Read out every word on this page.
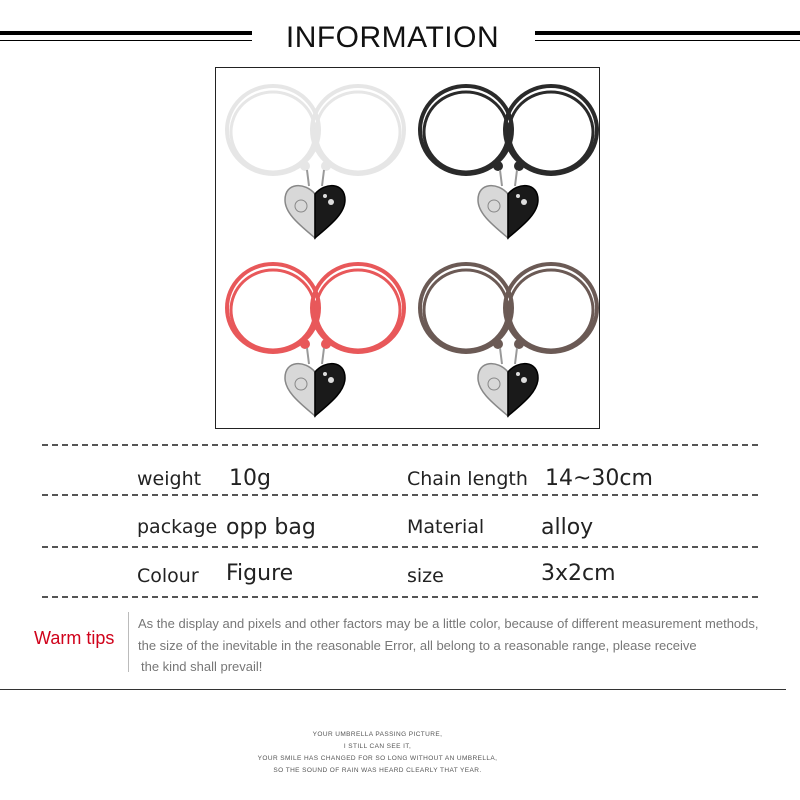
INFORMATION
weight 10g	Chain length 14~30cm
package opp bag	Material	alloy
Colour Figure	size	3x2cm
Warm tips
As the display and pixels and other factors may be a little color, because of different measurement methods,
the size of the inevitable in the reasonable Error, all belong to a reasonable range, please receive
the kind shall prevail!
YOUR UMBRELLA PASSING PICTURE,
I STILL CAN SEE IT,
YOUR SMILE HAS CHANGED FOR SO LONG WITHOUT AN UMBRELLA,
SO THE SOUND OF RAIN WAS HEARD CLEARLY THAT YEAR.
